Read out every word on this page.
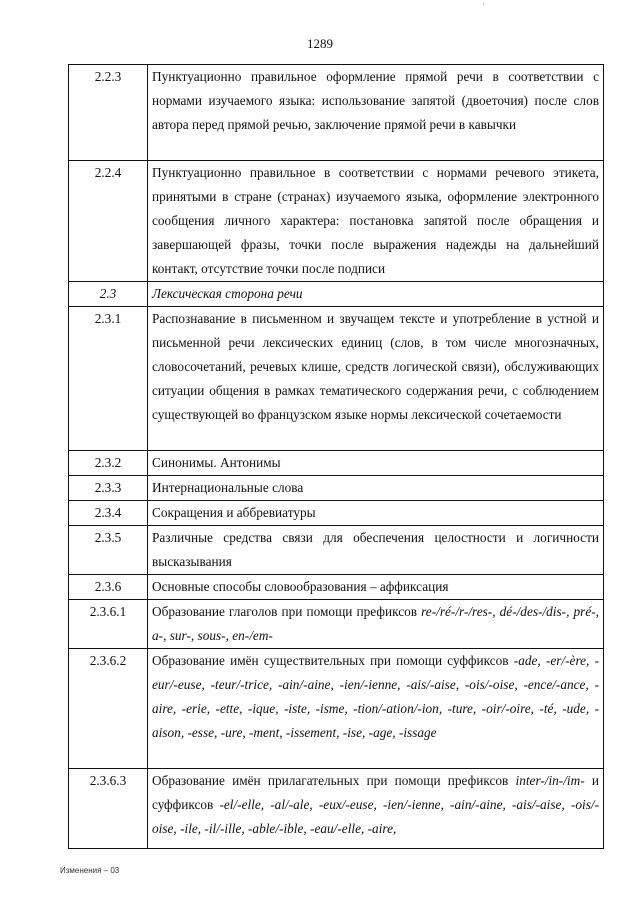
·
1289
2.2.3	Пунктуационно правильное оформление прямой речи в соответствии с нормами изучаемого языка: использование запятой (двоеточия) после слов автора перед прямой речью, заключение прямой речи в кавычки
2.2.4	Пунктуационно правильное в соответствии с нормами речевого этикета, принятыми в стране (странах) изучаемого языка, оформление электронного сообщения личного характера: постановка запятой после обращения и завершающей фразы, точки после выражения надежды на дальнейший контакт, отсутствие точки после подписи
2.3	Лексическая сторона речи
2.3.1	Распознавание в письменном и звучащем тексте и употребление в устной и письменной речи лексических единиц (слов, в том числе многозначных, словосочетаний, речевых клише, средств логической связи), обслуживающих ситуации общения в рамках тематического содержания речи, с соблюдением существующей во французском языке нормы лексической сочетаемости
2.3.2	Синонимы. Антонимы
2.3.3	Интернациональные слова
2.3.4	Сокращения и аббревиатуры
2.3.5	Различные средства связи для обеспечения целостности и логичности высказывания
2.3.6	Основные способы словообразования – аффиксация
2.3.6.1	Образование глаголов при помощи префиксов re-/ré-/r-/res-, dé-/des-/dis-, pré-, a-, sur-, sous-, en-/em-
2.3.6.2	Образование имён существительных при помощи суффиксов -ade, -er/-ère, -eur/-euse, -teur/-trice, -ain/-aine, -ien/-ienne, -ais/-aise, -ois/-oise, -ence/-ance, -aire, -erie, -ette, -ique, -iste, -isme, -tion/-ation/-ion, -ture, -oir/-oire, -té, -ude, -aison, -esse, -ure, -ment, -issement, -ise, -age, -issage
2.3.6.3	Образование имён прилагательных при помощи префиксов inter-/in-/im- и суффиксов -el/-elle, -al/-ale, -eux/-euse, -ien/-ienne, -ain/-aine, -ais/-aise, -ois/-oise, -ile, -il/-ille, -able/-ible, -eau/-elle, -aire,
Изменения – 03
